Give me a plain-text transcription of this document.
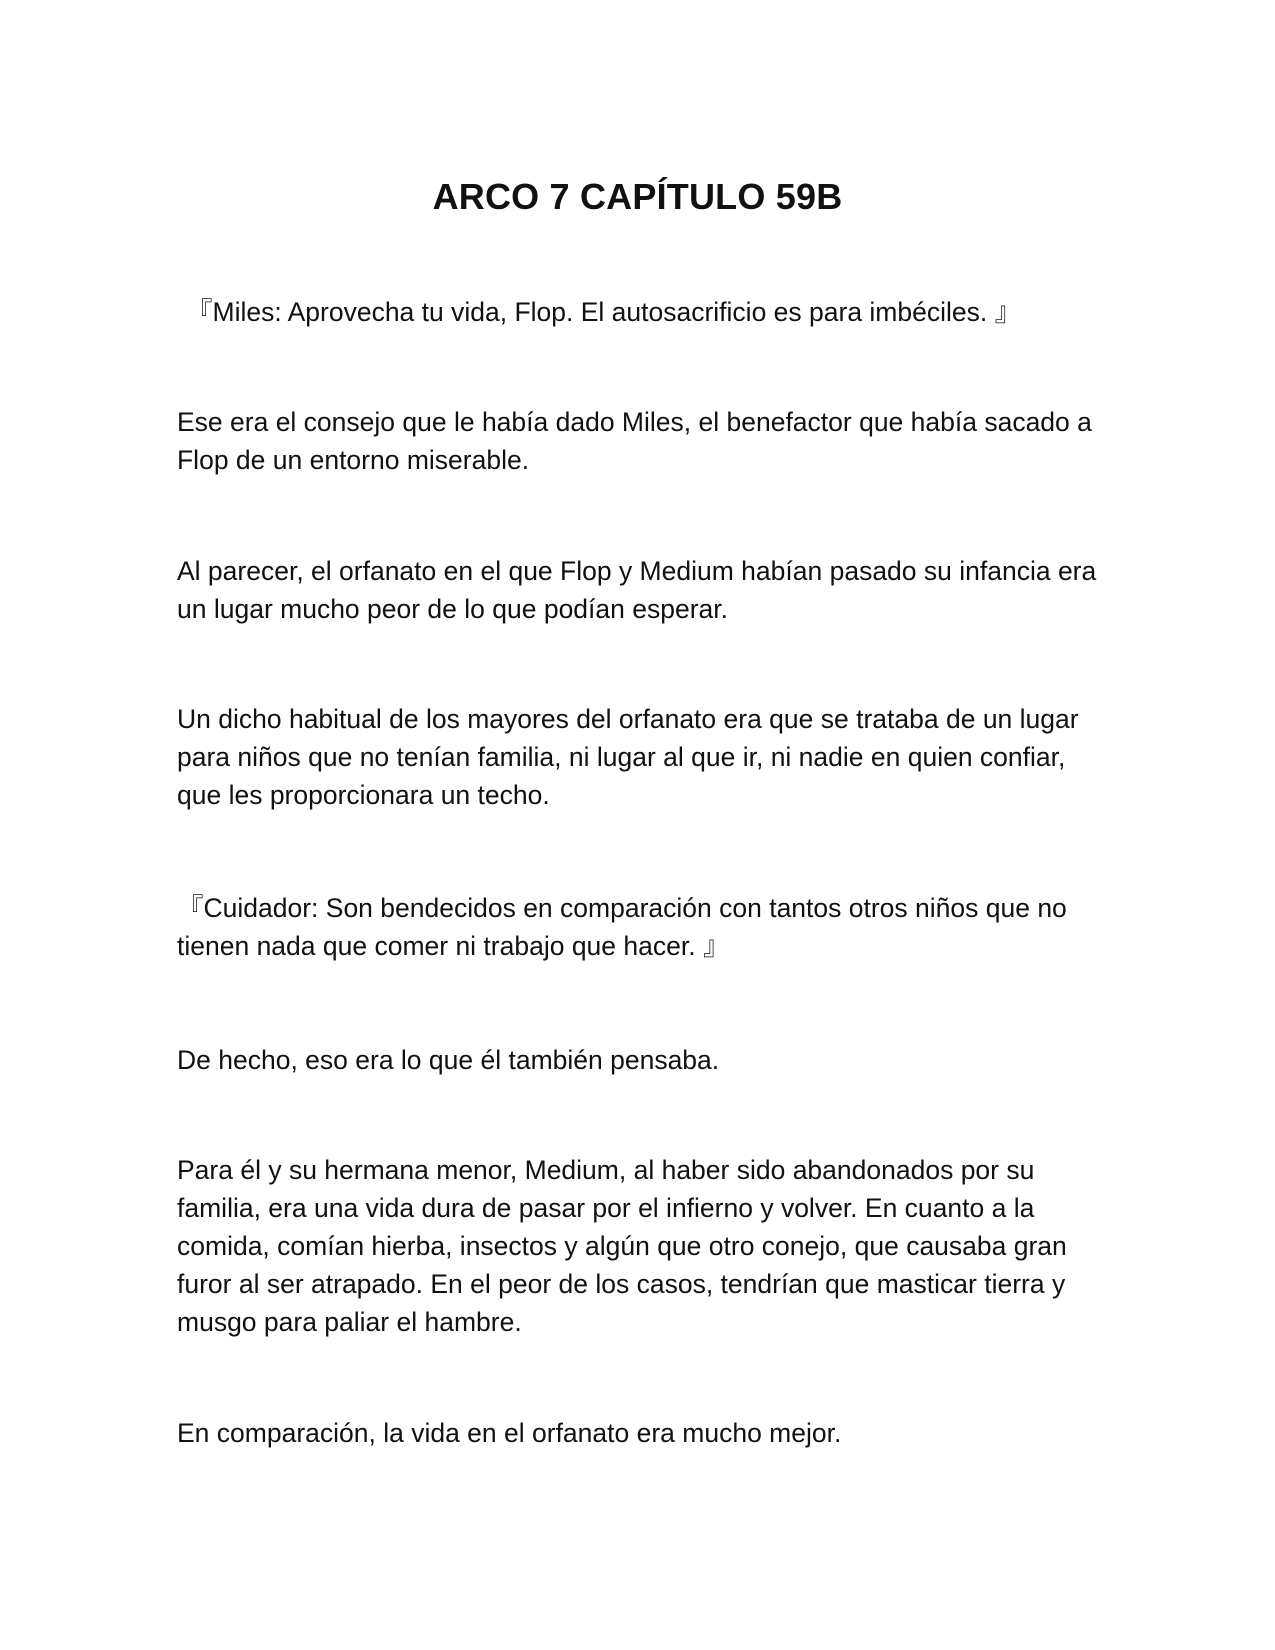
ARCO 7 CAPÍTULO 59B

『Miles: Aprovecha tu vida, Flop. El autosacrificio es para imbéciles. 』

Ese era el consejo que le había dado Miles, el benefactor que había sacado a Flop de un entorno miserable.

Al parecer, el orfanato en el que Flop y Medium habían pasado su infancia era un lugar mucho peor de lo que podían esperar.

Un dicho habitual de los mayores del orfanato era que se trataba de un lugar para niños que no tenían familia, ni lugar al que ir, ni nadie en quien confiar, que les proporcionara un techo.

『Cuidador: Son bendecidos en comparación con tantos otros niños que no tienen nada que comer ni trabajo que hacer. 』

De hecho, eso era lo que él también pensaba.

Para él y su hermana menor, Medium, al haber sido abandonados por su familia, era una vida dura de pasar por el infierno y volver. En cuanto a la comida, comían hierba, insectos y algún que otro conejo, que causaba gran furor al ser atrapado. En el peor de los casos, tendrían que masticar tierra y musgo para paliar el hambre.

En comparación, la vida en el orfanato era mucho mejor.
